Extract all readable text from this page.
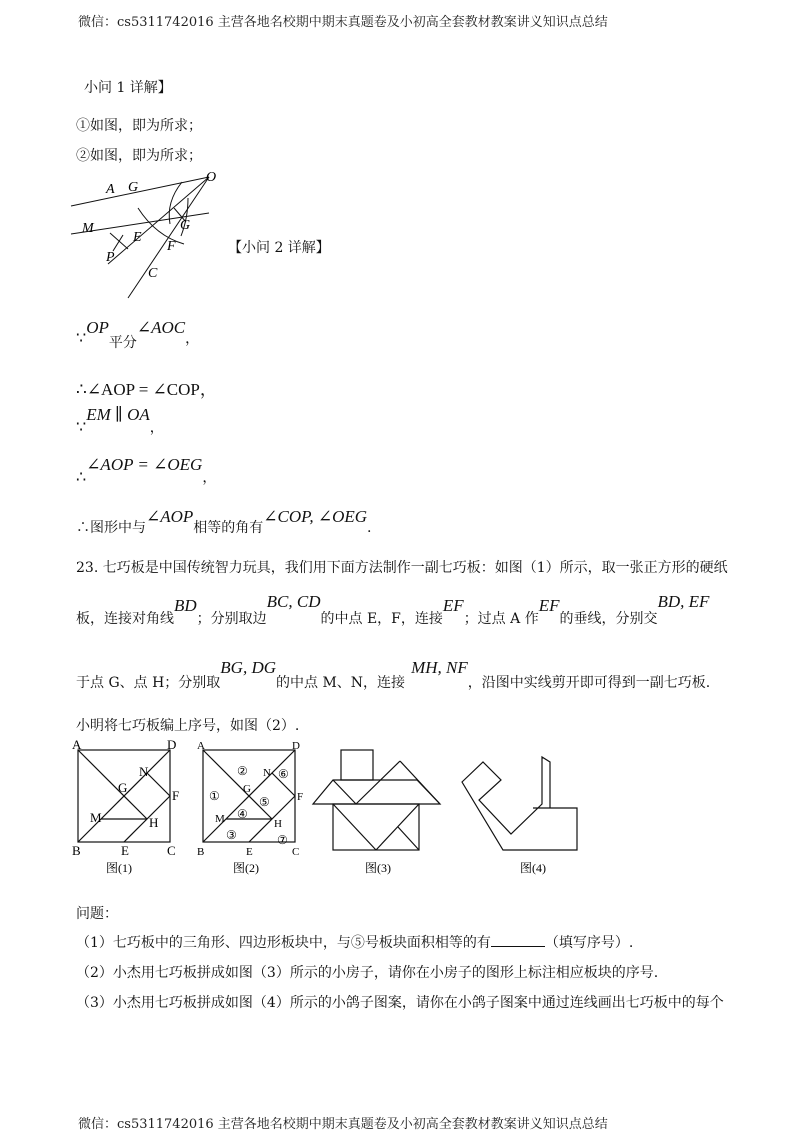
微信：cs5311742016 主营各地名校期中期末真题卷及小初高全套教材教案讲义知识点总结
小问 1 详解】
①如图，即为所求；
②如图，即为所求；
O
A G
G
M
E
F
P
C
【小问 2 详解】
∵OP平分∠AOC，
∴∠AOP = ∠COP，
∵EM ∥ OA，
∴∠AOP = ∠OEG，
∴图形中与∠AOP相等的角有∠COP, ∠OEG.
23. 七巧板是中国传统智力玩具，我们用下面方法制作一副七巧板：如图（1）所示，取一张正方形的硬纸
板，连接对角线BD；分别取边BC, CD的中点 E，F，连接EF；过点 A 作EF的垂线，分别交BD, EF
于点 G、点 H；分别取BG, DG的中点 M、N，连接MH, NF，沿图中实线剪开即可得到一副七巧板.
小明将七巧板编上序号，如图（2）.
A	D
B	C
E
F
G
H
M
N
图(1)
A	D
B	C
E
F
G
H
M
N
①
②
③
④
⑤
⑥
⑦
图(2)	图(3)	图(4)
问题：
（1）七巧板中的三角形、四边形板块中，与⑤号板块面积相等的有	（填写序号）.
（2）小杰用七巧板拼成如图（3）所示的小房子，请你在小房子的图形上标注相应板块的序号.
（3）小杰用七巧板拼成如图（4）所示的小鸽子图案，请你在小鸽子图案中通过连线画出七巧板中的每个
微信：cs5311742016 主营各地名校期中期末真题卷及小初高全套教材教案讲义知识点总结
